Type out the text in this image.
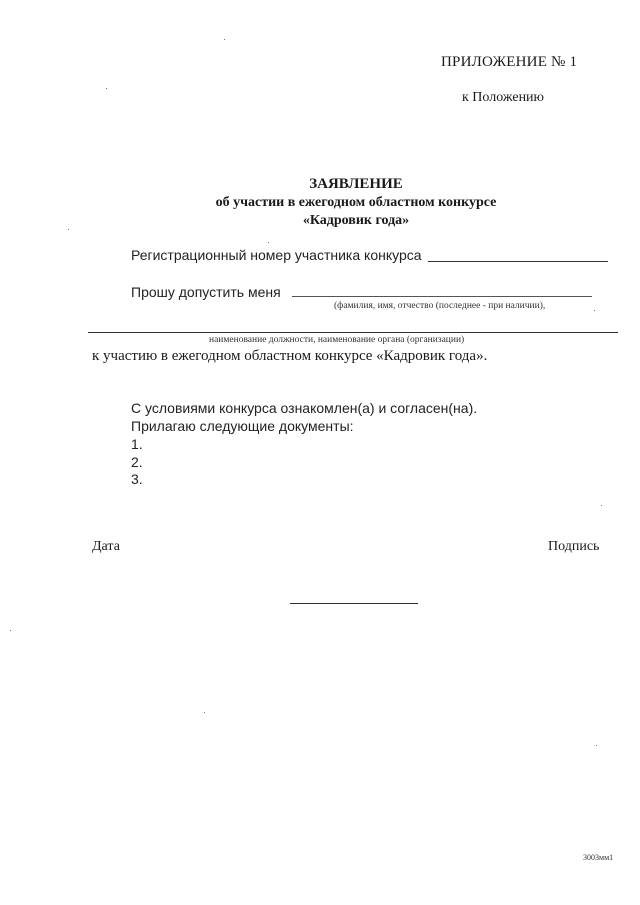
ПРИЛОЖЕНИЕ № 1
к Положению
ЗАЯВЛЕНИЕ
об участии в ежегодном областном конкурсе
«Кадровик года»
Регистрационный номер участника конкурса
Прошу допустить меня
(фамилия, имя, отчество (последнее - при наличии),
наименование должности, наименование органа (организации)
к участию в ежегодном областном конкурсе «Кадровик года».
С условиями конкурса ознакомлен(а) и согласен(на).
Прилагаю следующие документы:
1.
2.
3.
Дата	Подпись
3003мм1
